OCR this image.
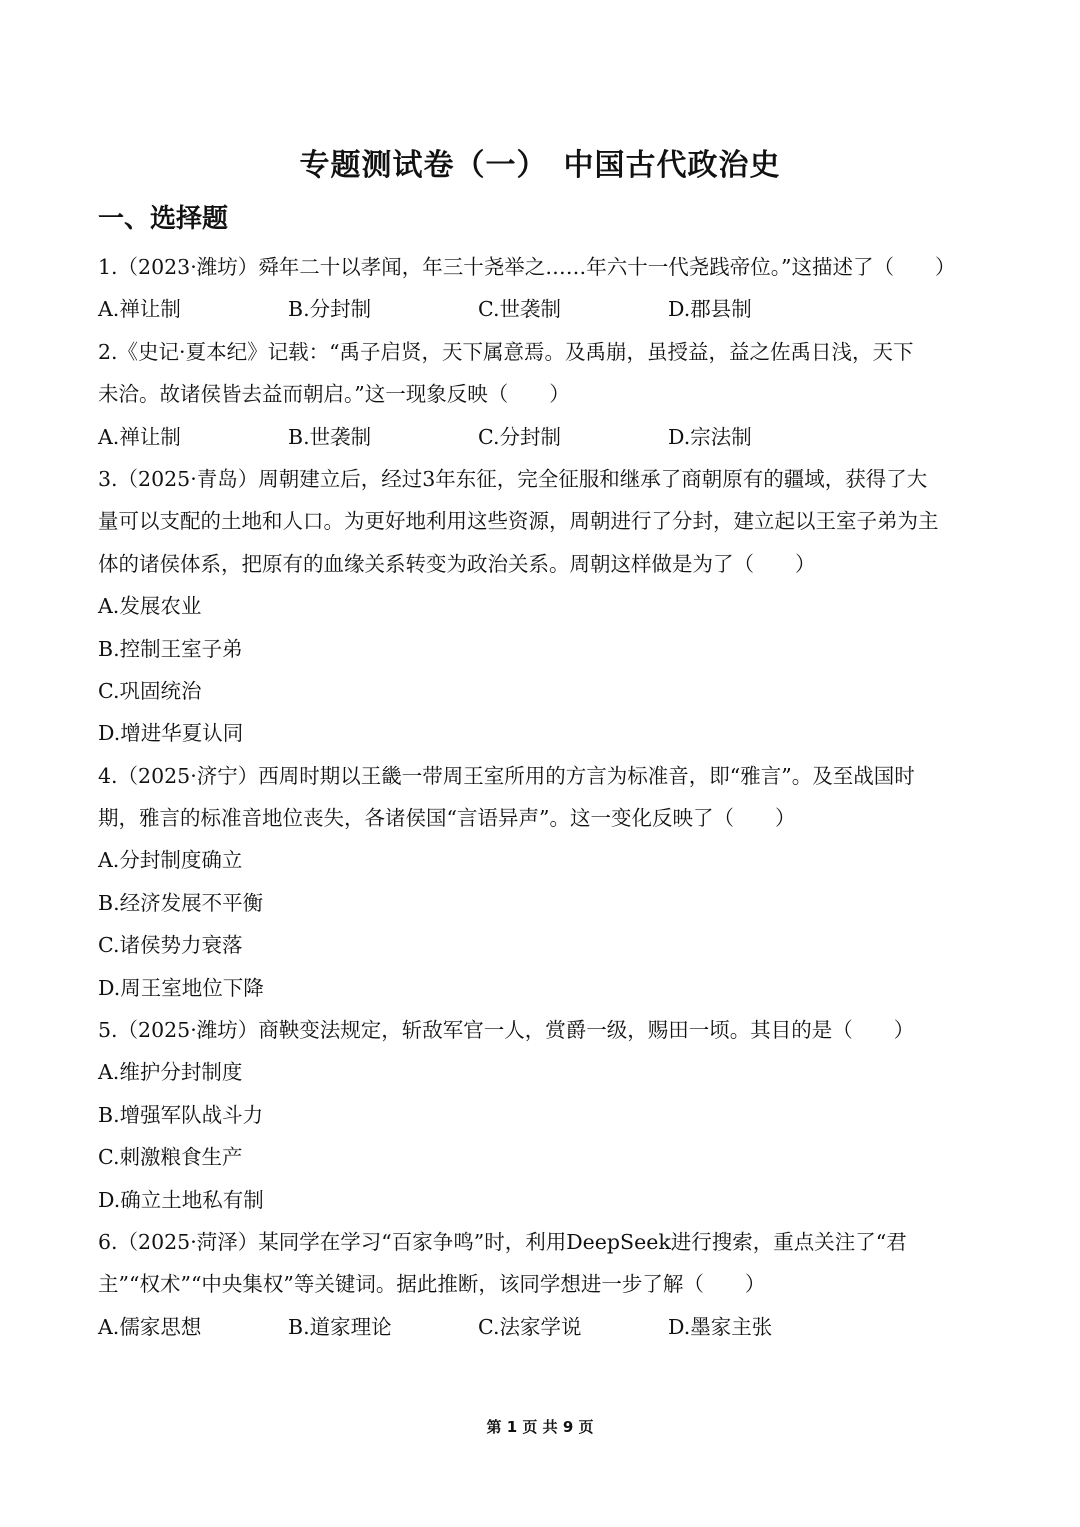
专题测试卷（一）　中国古代政治史
一、选择题
1.（2023·潍坊）舜年二十以孝闻，年三十尧举之……年六十一代尧践帝位。”这描述了（　　）
A.禅让制	B.分封制	C.世袭制	D.郡县制
2.《史记·夏本纪》记载：“禹子启贤，天下属意焉。及禹崩，虽授益，益之佐禹日浅，天下
未洽。故诸侯皆去益而朝启。”这一现象反映（　　）
A.禅让制	B.世袭制	C.分封制	D.宗法制
3.（2025·青岛）周朝建立后，经过3年东征，完全征服和继承了商朝原有的疆域，获得了大
量可以支配的土地和人口。为更好地利用这些资源，周朝进行了分封，建立起以王室子弟为主
体的诸侯体系，把原有的血缘关系转变为政治关系。周朝这样做是为了（　　）
A.发展农业
B.控制王室子弟
C.巩固统治
D.增进华夏认同
4.（2025·济宁）西周时期以王畿一带周王室所用的方言为标准音，即“雅言”。及至战国时
期，雅言的标准音地位丧失，各诸侯国“言语异声”。这一变化反映了（　　）
A.分封制度确立
B.经济发展不平衡
C.诸侯势力衰落
D.周王室地位下降
5.（2025·潍坊）商鞅变法规定，斩敌军官一人，赏爵一级，赐田一顷。其目的是（　　）
A.维护分封制度
B.增强军队战斗力
C.刺激粮食生产
D.确立土地私有制
6.（2025·菏泽）某同学在学习“百家争鸣”时，利用DeepSeek进行搜索，重点关注了“君
主”“权术”“中央集权”等关键词。据此推断，该同学想进一步了解（　　）
A.儒家思想	B.道家理论	C.法家学说	D.墨家主张
第 1 页 共 9 页
